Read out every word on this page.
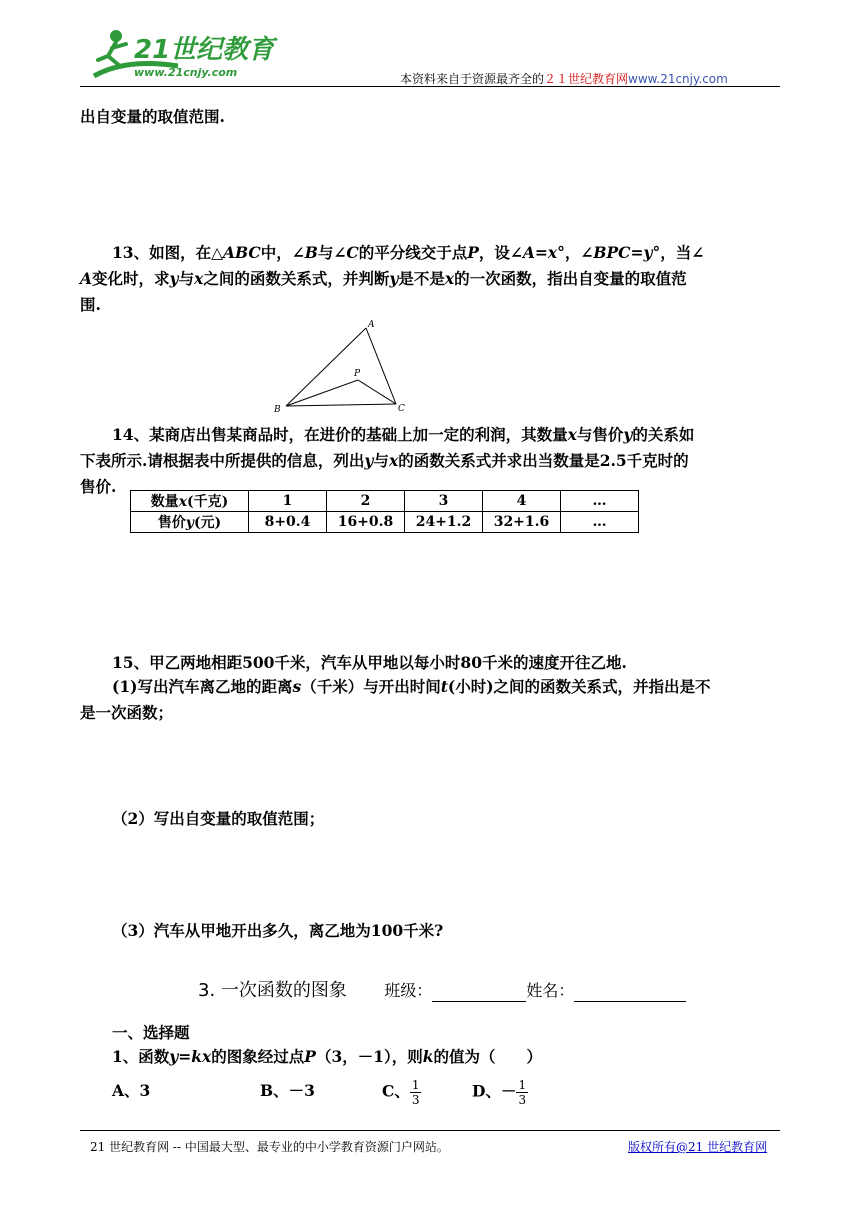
21世纪教育
www.21cnjy.com	本资料来自于资源最齐全的２１世纪教育网www.21cnjy.com
出自变量的取值范围.
13、如图，在△ABC中，∠B与∠C的平分线交于点P，设∠A=x°，∠BPC=y°，当∠
A变化时，求y与x之间的函数关系式，并判断y是不是x的一次函数，指出自变量的取值范
围.
A
B	C
P
14、某商店出售某商品时，在进价的基础上加一定的利润，其数量x与售价y的关系如
下表所示.请根据表中所提供的信息，列出y与x的函数关系式并求出当数量是2.5千克时的
售价.
数量x(千克)	1	2	3	4	…
售价y(元)	8+0.4	16+0.8	24+1.2	32+1.6	…
15、甲乙两地相距500千米，汽车从甲地以每小时80千米的速度开往乙地.
(1)写出汽车离乙地的距离s（千米）与开出时间t(小时)之间的函数关系式，并指出是不
是一次函数；
（2）写出自变量的取值范围；
（3）汽车从甲地开出多久，离乙地为100千米?
3. 一次函数的图象 班级：	姓名：
一、选择题
1、函数y=kx的图象经过点P（3，－1），则k的值为（　　）
A、3	B、－3	C、 $\frac{1}{3}$	D、－ $\frac{1}{3}$
21 世纪教育网 -- 中国最大型、最专业的中小学教育资源门户网站。	版权所有@21 世纪教育网
